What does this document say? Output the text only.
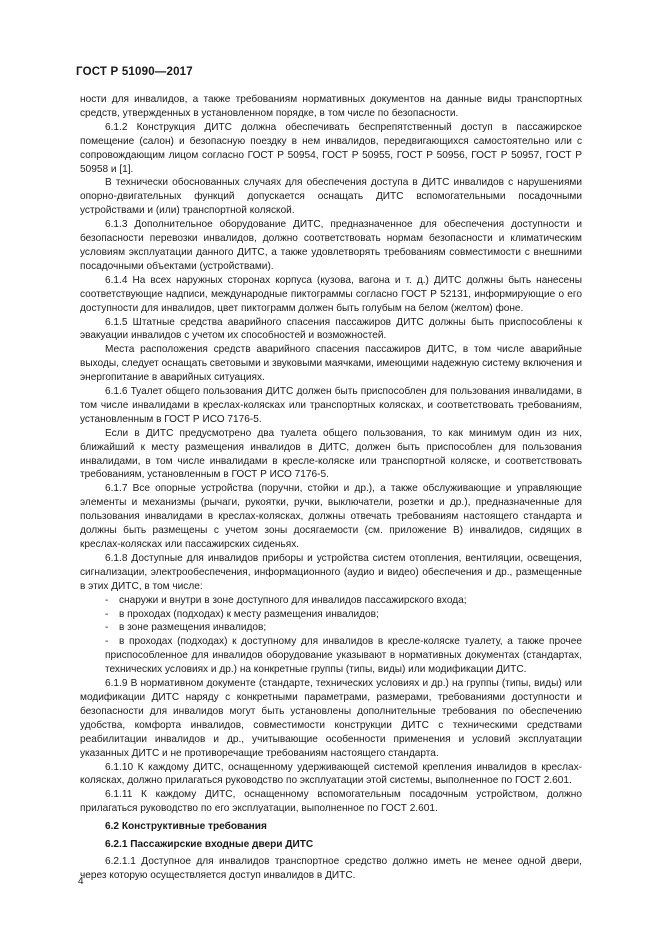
ГОСТ Р 51090—2017

ности для инвалидов, а также требованиям нормативных документов на данные виды транспортных средств, утвержденных в установленном порядке, в том числе по безопасности.

6.1.2 Конструкция ДИТС должна обеспечивать беспрепятственный доступ в пассажирское помещение (салон) и безопасную поездку в нем инвалидов, передвигающихся самостоятельно или с сопровождающим лицом согласно ГОСТ Р 50954, ГОСТ Р 50955, ГОСТ Р 50956, ГОСТ Р 50957, ГОСТ Р 50958 и [1].

В технически обоснованных случаях для обеспечения доступа в ДИТС инвалидов с нарушениями опорно-двигательных функций допускается оснащать ДИТС вспомогательными посадочными устройствами и (или) транспортной коляской.

6.1.3 Дополнительное оборудование ДИТС, предназначенное для обеспечения доступности и безопасности перевозки инвалидов, должно соответствовать нормам безопасности и климатическим условиям эксплуатации данного ДИТС, а также удовлетворять требованиям совместимости с внешними посадочными объектами (устройствами).

6.1.4 На всех наружных сторонах корпуса (кузова, вагона и т. д.) ДИТС должны быть нанесены соответствующие надписи, международные пиктограммы согласно ГОСТ Р 52131, информирующие о его доступности для инвалидов, цвет пиктограмм должен быть голубым на белом (желтом) фоне.

6.1.5 Штатные средства аварийного спасения пассажиров ДИТС должны быть приспособлены к эвакуации инвалидов с учетом их способностей и возможностей.

Места расположения средств аварийного спасения пассажиров ДИТС, в том числе аварийные выходы, следует оснащать световыми и звуковыми маячками, имеющими надежную систему включения и энергопитание в аварийных ситуациях.

6.1.6 Туалет общего пользования ДИТС должен быть приспособлен для пользования инвалидами, в том числе инвалидами в креслах-колясках или транспортных колясках, и соответствовать требованиям, установленным в ГОСТ Р ИСО 7176-5.

Если в ДИТС предусмотрено два туалета общего пользования, то как минимум один из них, ближайший к месту размещения инвалидов в ДИТС, должен быть приспособлен для пользования инвалидами, в том числе инвалидами в кресле-коляске или транспортной коляске, и соответствовать требованиям, установленным в ГОСТ Р ИСО 7176-5.

6.1.7 Все опорные устройства (поручни, стойки и др.), а также обслуживающие и управляющие элементы и механизмы (рычаги, рукоятки, ручки, выключатели, розетки и др.), предназначенные для пользования инвалидами в креслах-колясках, должны отвечать требованиям настоящего стандарта и должны быть размещены с учетом зоны досягаемости (см. приложение В) инвалидов, сидящих в креслах-колясках или пассажирских сиденьях.

6.1.8 Доступные для инвалидов приборы и устройства систем отопления, вентиляции, освещения, сигнализации, электрообеспечения, информационного (аудио и видео) обеспечения и др., размещенные в этих ДИТС, в том числе:

- снаружи и внутри в зоне доступного для инвалидов пассажирского входа;

- в проходах (подходах) к месту размещения инвалидов;

- в зоне размещения инвалидов;

- в проходах (подходах) к доступному для инвалидов в кресле-коляске туалету, а также прочее приспособленное для инвалидов оборудование указывают в нормативных документах (стандартах, технических условиях и др.) на конкретные группы (типы, виды) или модификации ДИТС.

6.1.9 В нормативном документе (стандарте, технических условиях и др.) на группы (типы, виды) или модификации ДИТС наряду с конкретными параметрами, размерами, требованиями доступности и безопасности для инвалидов могут быть установлены дополнительные требования по обеспечению удобства, комфорта инвалидов, совместимости конструкции ДИТС с техническими средствами реабилитации инвалидов и др., учитывающие особенности применения и условий эксплуатации указанных ДИТС и не противоречащие требованиям настоящего стандарта.

6.1.10 К каждому ДИТС, оснащенному удерживающей системой крепления инвалидов в креслах-колясках, должно прилагаться руководство по эксплуатации этой системы, выполненное по ГОСТ 2.601.

6.1.11 К каждому ДИТС, оснащенному вспомогательным посадочным устройством, должно прилагаться руководство по его эксплуатации, выполненное по ГОСТ 2.601.

6.2 Конструктивные требования

6.2.1 Пассажирские входные двери ДИТС

6.2.1.1 Доступное для инвалидов транспортное средство должно иметь не менее одной двери, через которую осуществляется доступ инвалидов в ДИТС.

4
